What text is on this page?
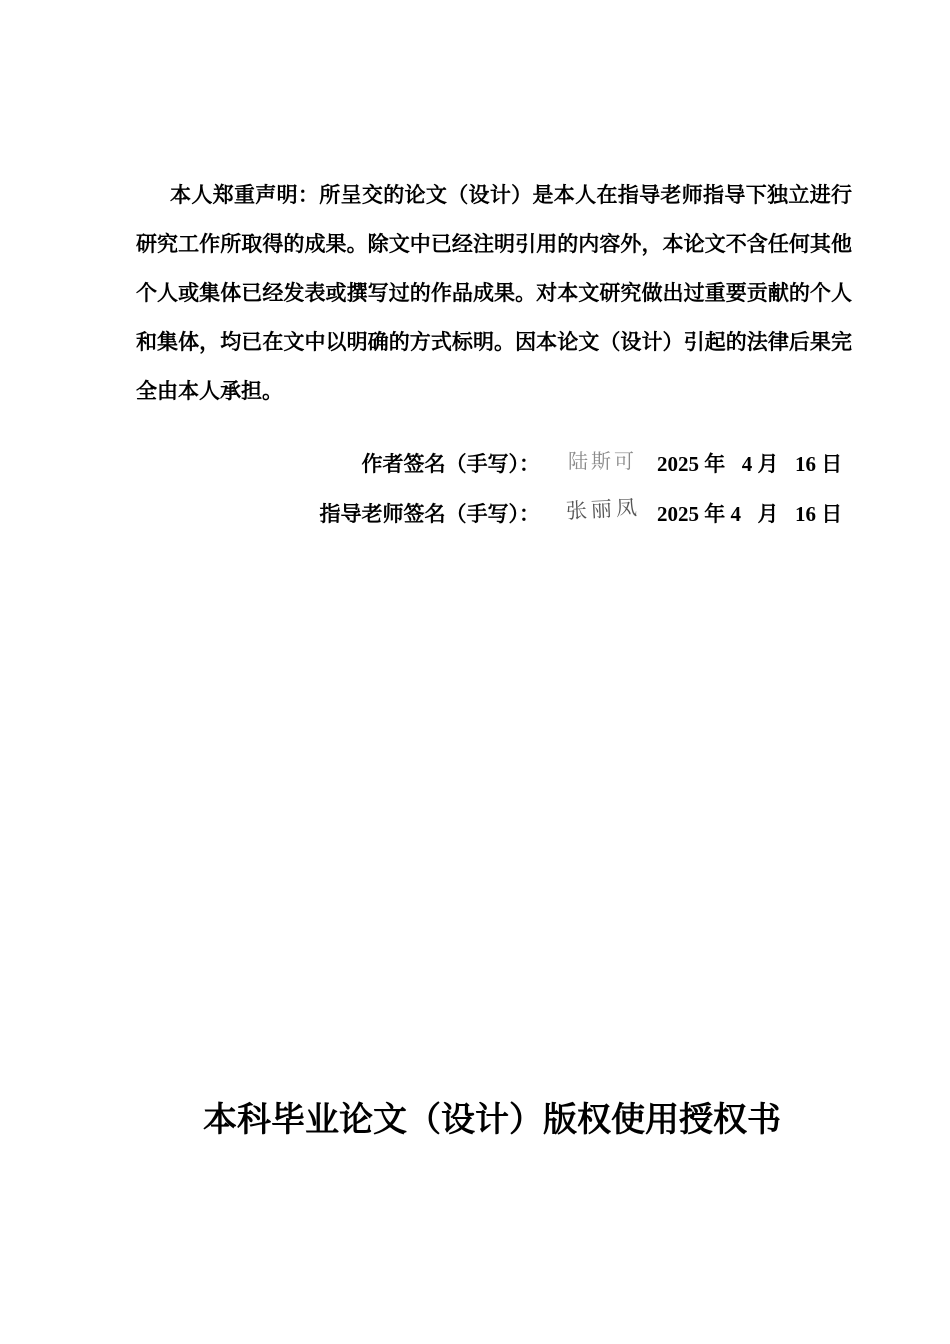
本人郑重声明：所呈交的论文（设计）是本人在指导老师指导下独立进行研究工作所取得的成果。除文中已经注明引用的内容外，本论文不含任何其他个人或集体已经发表或撰写过的作品成果。对本文研究做出过重要贡献的个人和集体，均已在文中以明确的方式标明。因本论文（设计）引起的法律后果完全由本人承担。

作者签名（手写）： 陆斯可 2025 年 4 月 16 日
指导老师签名（手写）： 张丽凤 2025 年 4 月 16 日
本科毕业论文（设计）版权使用授权书
